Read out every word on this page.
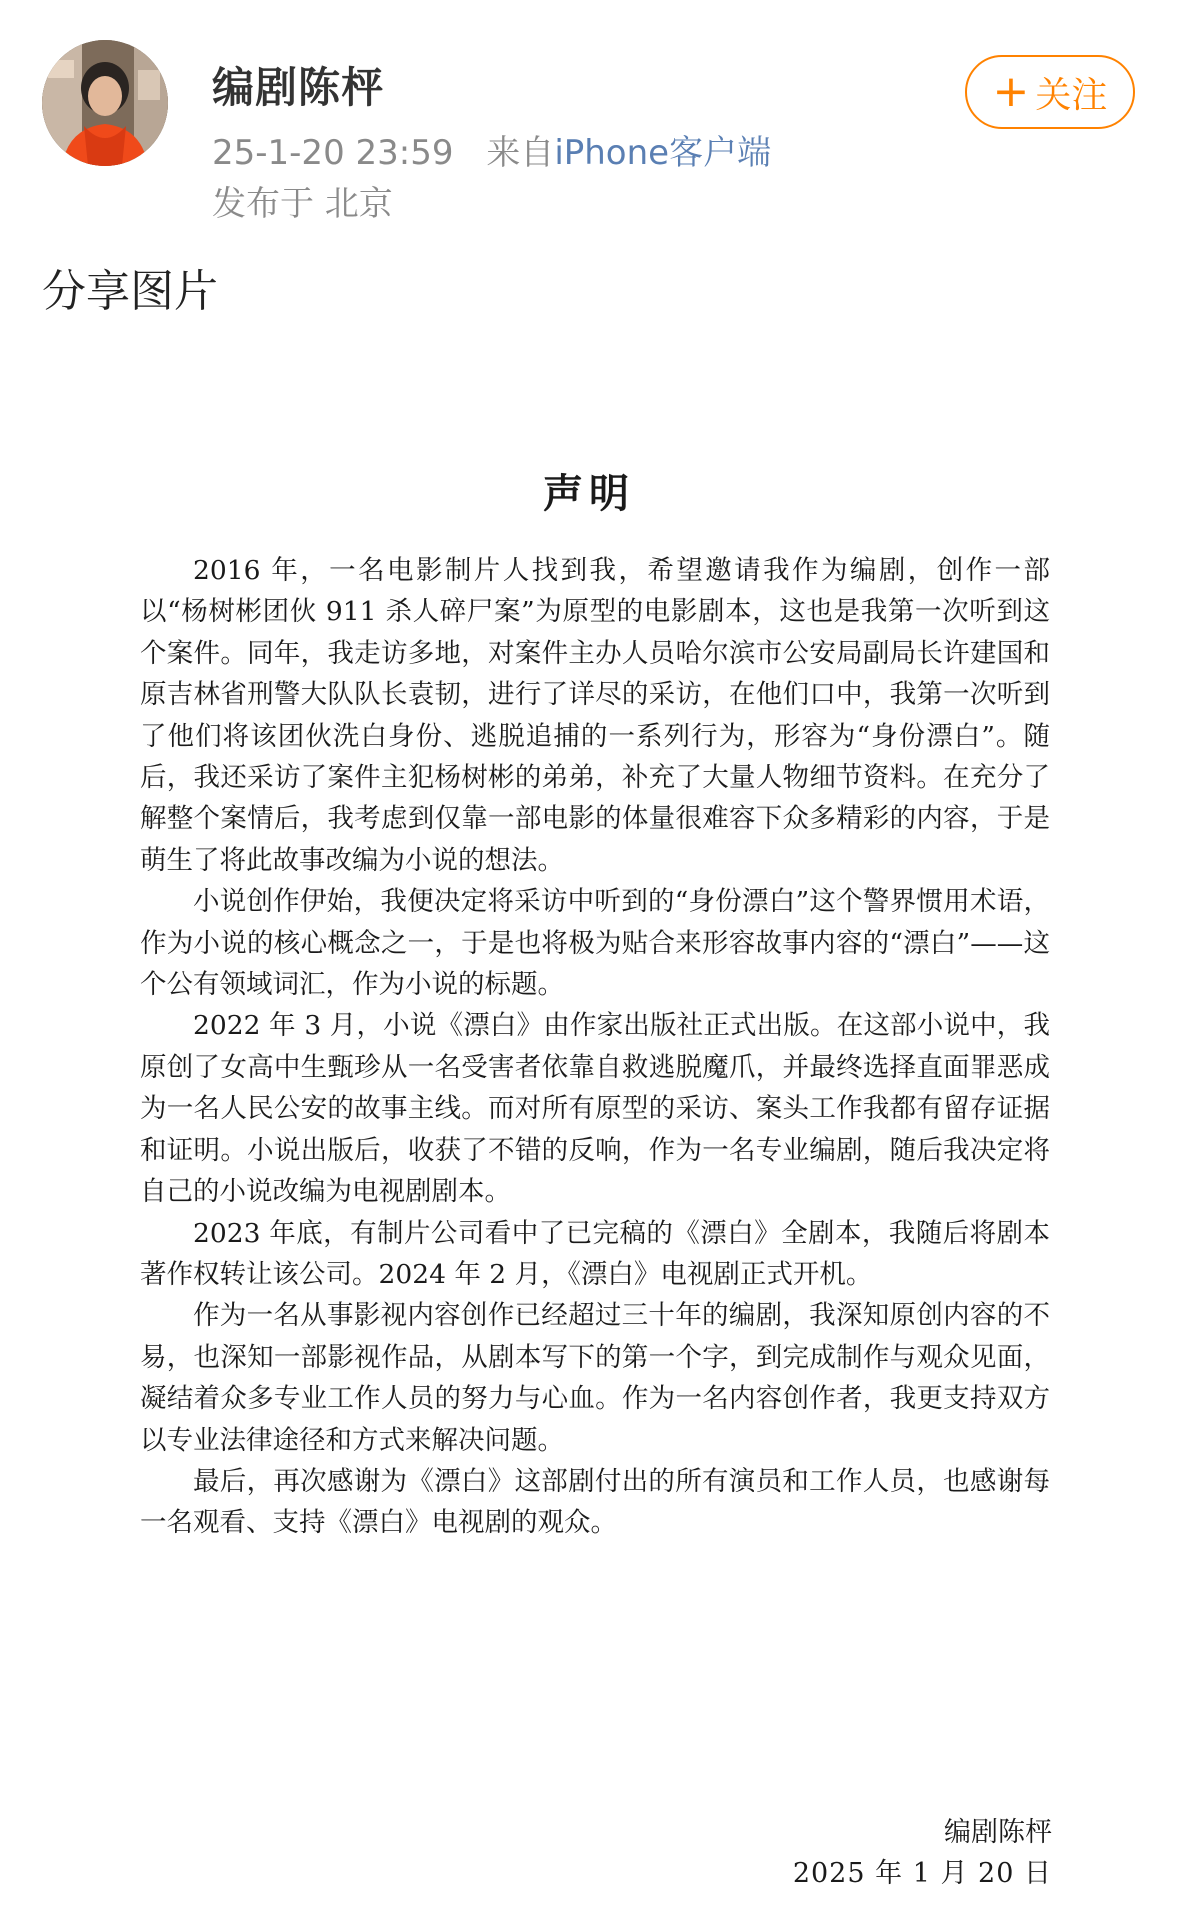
编剧陈枰
25-1-20 23:59 来自iPhone客户端
发布于 北京
+ 关注
分享图片
声明

2016 年，一名电影制片人找到我，希望邀请我作为编剧，创作一部以“杨树彬团伙 911 杀人碎尸案”为原型的电影剧本，这也是我第一次听到这个案件。同年，我走访多地，对案件主办人员哈尔滨市公安局副局长许建国和原吉林省刑警大队队长袁韧，进行了详尽的采访，在他们口中，我第一次听到了他们将该团伙洗白身份、逃脱追捕的一系列行为，形容为“身份漂白”。随后，我还采访了案件主犯杨树彬的弟弟，补充了大量人物细节资料。在充分了解整个案情后，我考虑到仅靠一部电影的体量很难容下众多精彩的内容，于是萌生了将此故事改编为小说的想法。

小说创作伊始，我便决定将采访中听到的“身份漂白”这个警界惯用术语，作为小说的核心概念之一，于是也将极为贴合来形容故事内容的“漂白”——这个公有领域词汇，作为小说的标题。

2022 年 3 月，小说《漂白》由作家出版社正式出版。在这部小说中，我原创了女高中生甄珍从一名受害者依靠自救逃脱魔爪，并最终选择直面罪恶成为一名人民公安的故事主线。而对所有原型的采访、案头工作我都有留存证据和证明。小说出版后，收获了不错的反响，作为一名专业编剧，随后我决定将自己的小说改编为电视剧剧本。

2023 年底，有制片公司看中了已完稿的《漂白》全剧本，我随后将剧本著作权转让该公司。2024 年 2 月，《漂白》电视剧正式开机。

作为一名从事影视内容创作已经超过三十年的编剧，我深知原创内容的不易，也深知一部影视作品，从剧本写下的第一个字，到完成制作与观众见面，凝结着众多专业工作人员的努力与心血。作为一名内容创作者，我更支持双方以专业法律途径和方式来解决问题。

最后，再次感谢为《漂白》这部剧付出的所有演员和工作人员，也感谢每一名观看、支持《漂白》电视剧的观众。

编剧陈枰
2025 年 1 月 20 日
